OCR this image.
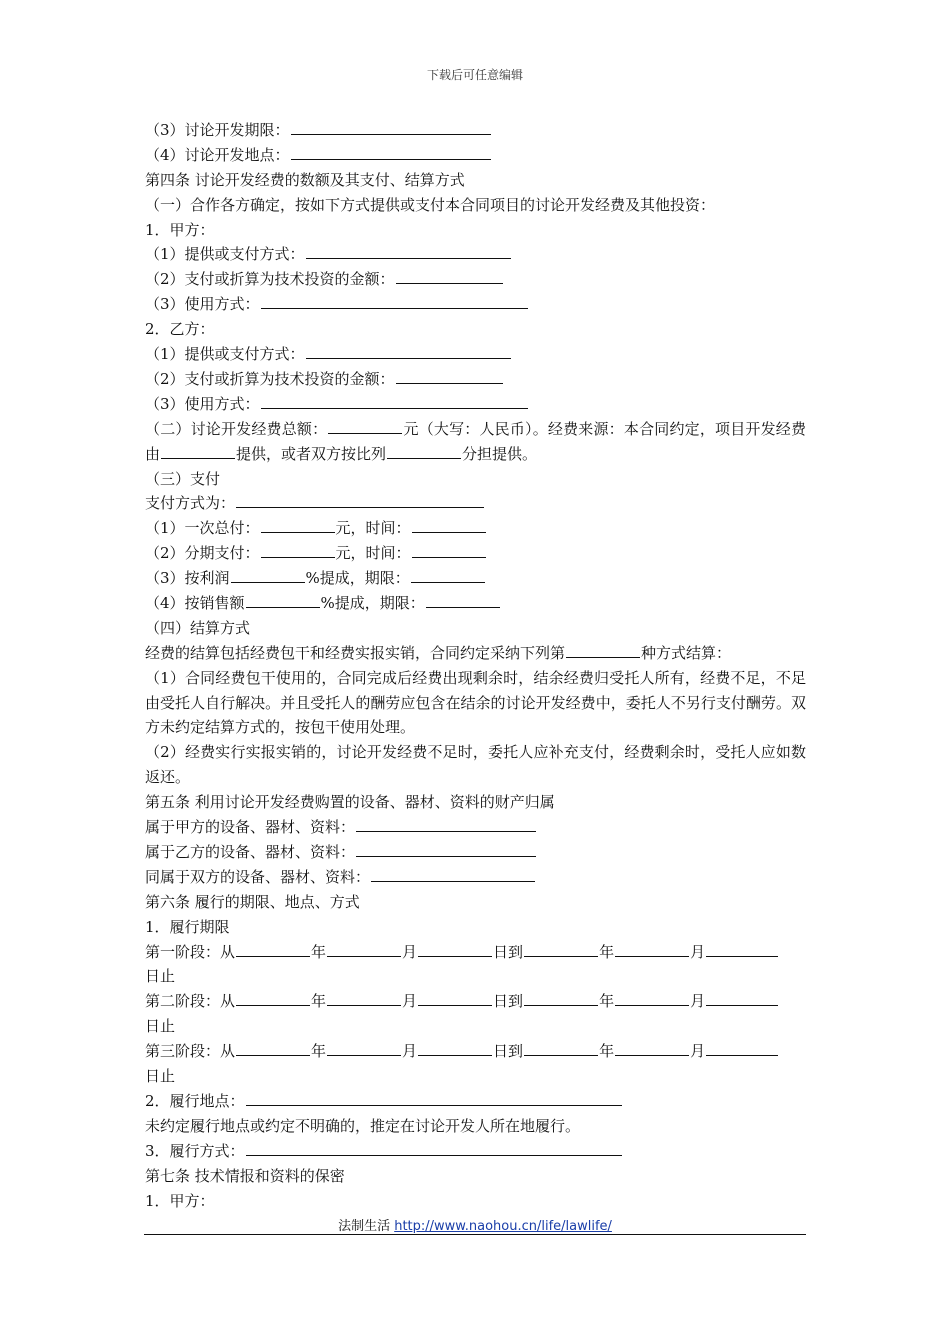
下载后可任意编辑
（3）讨论开发期限：
（4）讨论开发地点：
第四条 讨论开发经费的数额及其支付、结算方式
（一）合作各方确定，按如下方式提供或支付本合同项目的讨论开发经费及其他投资：
1．甲方：
（1）提供或支付方式：
（2）支付或折算为技术投资的金额：
（3）使用方式：
2．乙方：
（1）提供或支付方式：
（2）支付或折算为技术投资的金额：
（3）使用方式：
（二）讨论开发经费总额：	元（大写：人民币）。经费来源：本合同约定，项目开发经费由	提供，或者双方按比列	分担提供。
（三）支付
支付方式为：
（1）一次总付：	元，时间：
（2）分期支付：	元，时间：
（3）按利润	%提成，期限：
（4）按销售额	%提成，期限：
（四）结算方式
经费的结算包括经费包干和经费实报实销，合同约定采纳下列第	种方式结算：
（1）合同经费包干使用的，合同完成后经费出现剩余时，结余经费归受托人所有，经费不足，不足由受托人自行解决。并且受托人的酬劳应包含在结余的讨论开发经费中，委托人不另行支付酬劳。双方未约定结算方式的，按包干使用处理。
（2）经费实行实报实销的，讨论开发经费不足时，委托人应补充支付，经费剩余时，受托人应如数返还。
第五条 利用讨论开发经费购置的设备、器材、资料的财产归属
属于甲方的设备、器材、资料：
属于乙方的设备、器材、资料：
同属于双方的设备、器材、资料：
第六条 履行的期限、地点、方式
1．履行期限
第一阶段：从	年	月	日到	年	月
日止
第二阶段：从	年	月	日到	年	月
日止
第三阶段：从	年	月	日到	年	月
日止
2．履行地点：
未约定履行地点或约定不明确的，推定在讨论开发人所在地履行。
3．履行方式：
第七条 技术情报和资料的保密
1．甲方：
法制生活 http://www.naohou.cn/life/lawlife/
